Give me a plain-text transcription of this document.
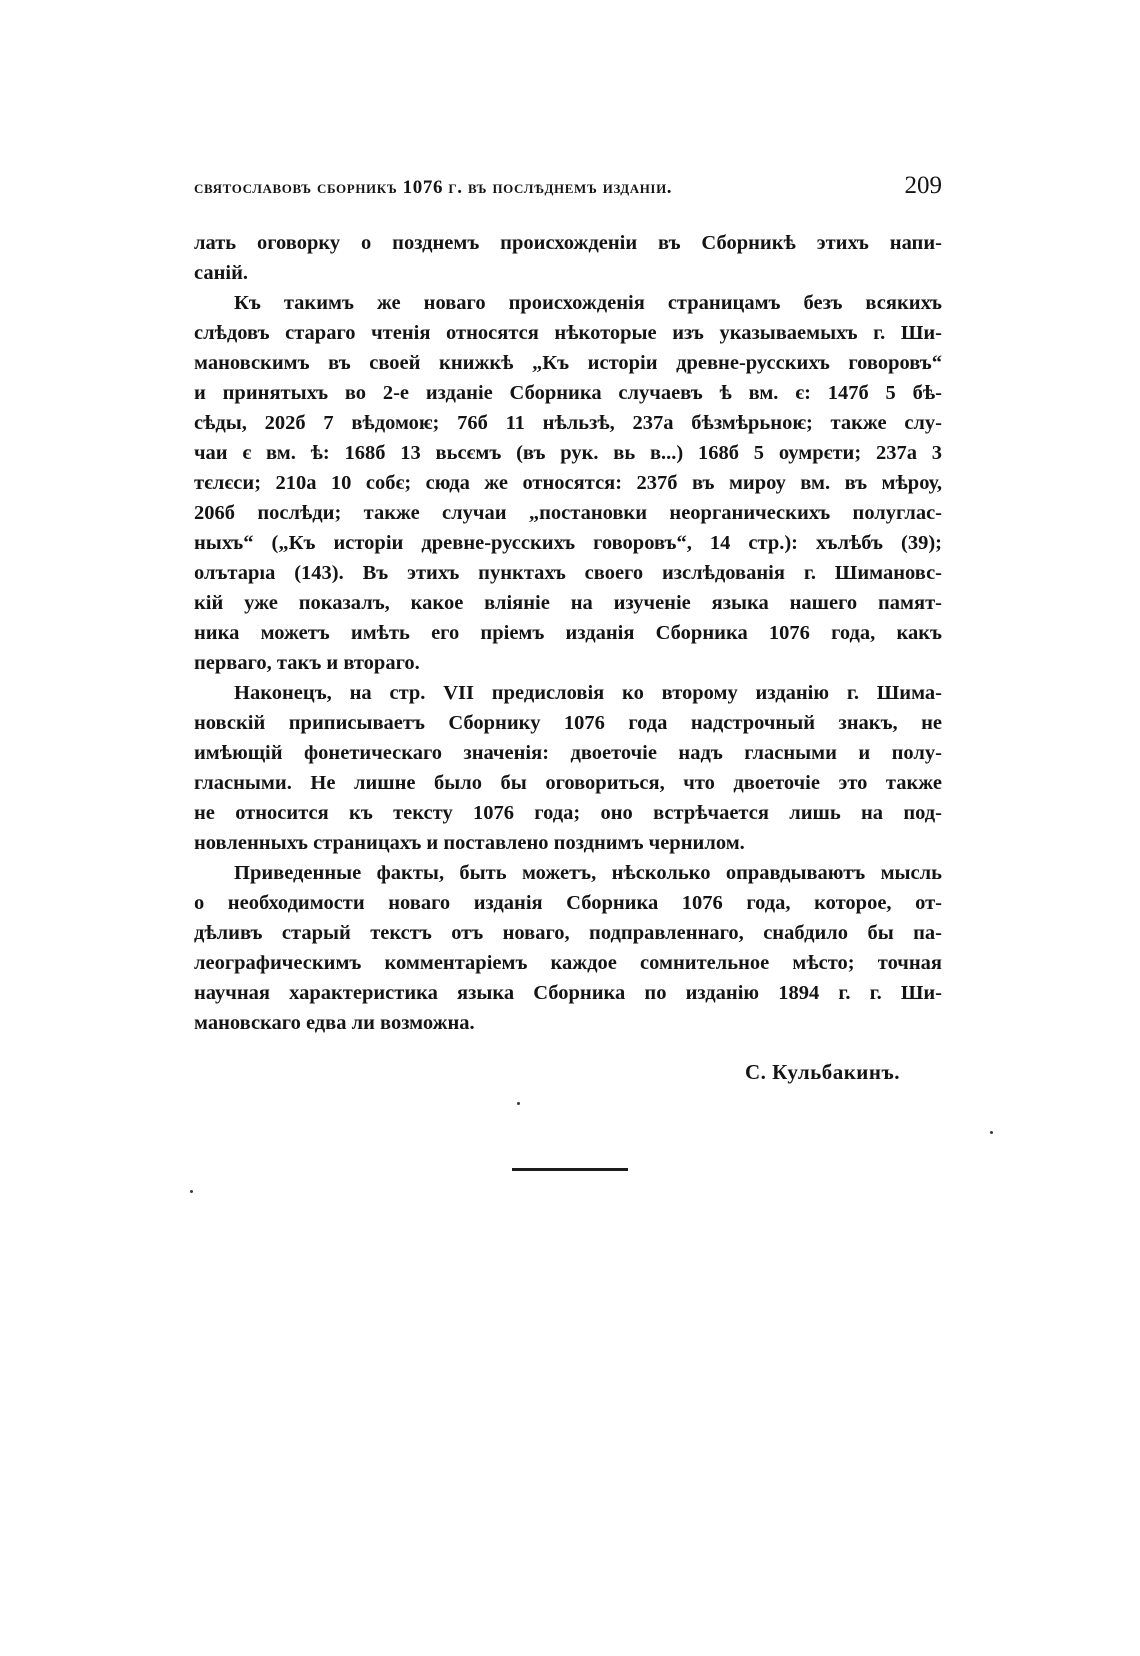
святославовъ сборникъ 1076 г. въ послѣднемъ изданіи.	209
лать оговорку о позднемъ происхожденіи въ Сборникѣ этихъ напи-
саній.
Къ такимъ же новаго происхожденія страницамъ безъ всякихъ
слѣдовъ стараго чтенія относятся нѣкоторые изъ указываемыхъ г. Ши-
мановскимъ въ своей книжкѣ „Къ исторіи древне-русскихъ говоровъ“
и принятыхъ во 2-е изданіе Сборника случаевъ ѣ вм. є: 147б 5 бѣ-
сѣды, 202б 7 вѣдомоѥ; 76б 11 нѣльзѣ, 237а бѣзмѣрьноѥ; также слу-
чаи є вм. ѣ: 168б 13 вьсємъ (въ рук. вь в...) 168б 5 оумрєти; 237а 3
тєлєси; 210а 10 собє; сюда же относятся: 237б въ мироу вм. въ мѣроу,
206б послѣди; также случаи „постановки неорганическихъ полуглас-
ныхъ“ („Къ исторіи древне-русскихъ говоровъ“, 14 стр.): хълѣбъ (39);
олътарıа (143). Въ этихъ пунктахъ своего изслѣдованія г. Шимановс-
кій уже показалъ, какое вліяніе на изученіе языка нашего памят-
ника можетъ имѣть его пріемъ изданія Сборника 1076 года, какъ
перваго, такъ и втораго.
Наконецъ, на стр. VII предисловія ко второму изданію г. Шима-
новскій приписываетъ Сборнику 1076 года надстрочный знакъ, не
имѣющій фонетическаго значенія: двоеточіе надъ гласными и полу-
гласными. Не лишне было бы оговориться, что двоеточіе это также
не относится къ тексту 1076 года; оно встрѣчается лишь на под-
новленныхъ страницахъ и поставлено позднимъ чернилом.
Приведенные факты, быть можетъ, нѣсколько оправдываютъ мысль
о необходимости новаго изданія Сборника 1076 года, которое, от-
дѣливъ старый текстъ отъ новаго, подправленнаго, снабдило бы па-
леографическимъ комментаріемъ каждое сомнительное мѣсто; точная
научная характеристика языка Сборника по изданію 1894 г. г. Ши-
мановскаго едва ли возможна.
С. Кульбакинъ.
